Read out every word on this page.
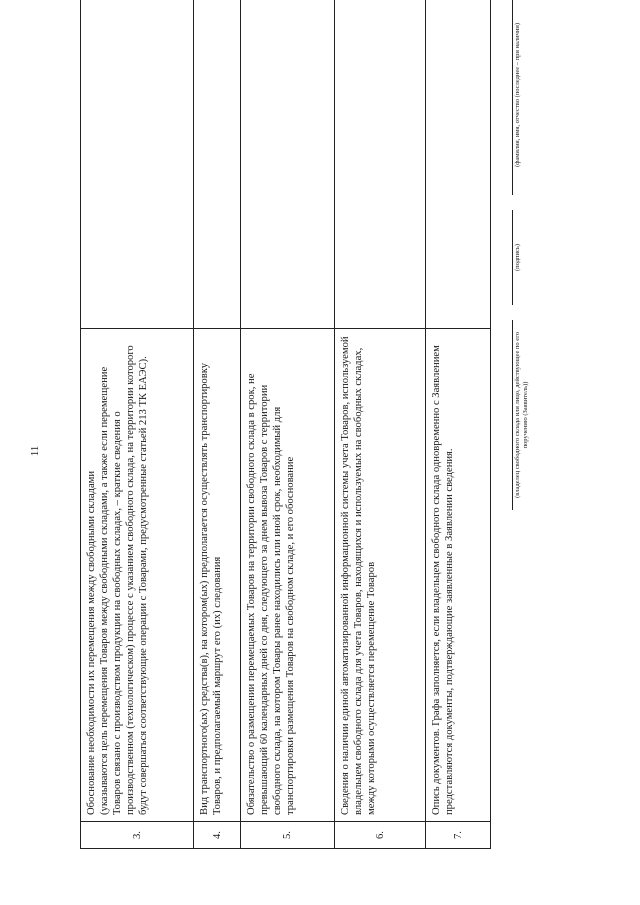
11
3.	Обоснование необходимости их перемещения между свободными складами (указываются цель перемещения Товаров между свободными складами, а также если перемещение Товаров связано с производством продукции на свободных складах, – краткие сведения о производственном (технологическом) процессе с указанием свободного склада, на территории которого будут совершаться соответствующие операции с Товарами, предусмотренные статьей 213 ТК ЕАЭС).	

4.	Вид транспортного(ых) средства(в), на котором(ых) предполагается осуществлять транспортировку Товаров, и предполагаемый маршрут его (их) следования	
5.	Обязательство о размещении перемещаемых Товаров на территории свободного склада в срок, не превышающий 60 календарных дней со дня, следующего за днем вывоза Товаров с территории свободного склада, на котором Товары ранее находились или иной срок, необходимый для транспортировки размещения Товаров на свободном складе, и его обоснование	
6.	Сведения о наличии единой автоматизированной информационной системы учета Товаров, используемой владельцем свободного склада для учета Товаров, находящихся и используемых на свободных складах, между которыми осуществляется перемещение Товаров	
7.	Опись документов. Графа заполняется, если владельцем свободного склада одновременно с Заявлением представляются документы, подтверждающие заявленные в Заявлении сведения.	
(владелец свободного склада или лицо, действующее по его поручению (Заявитель))
(подпись)
(фамилия, имя, отчество (последнее – при наличии)
